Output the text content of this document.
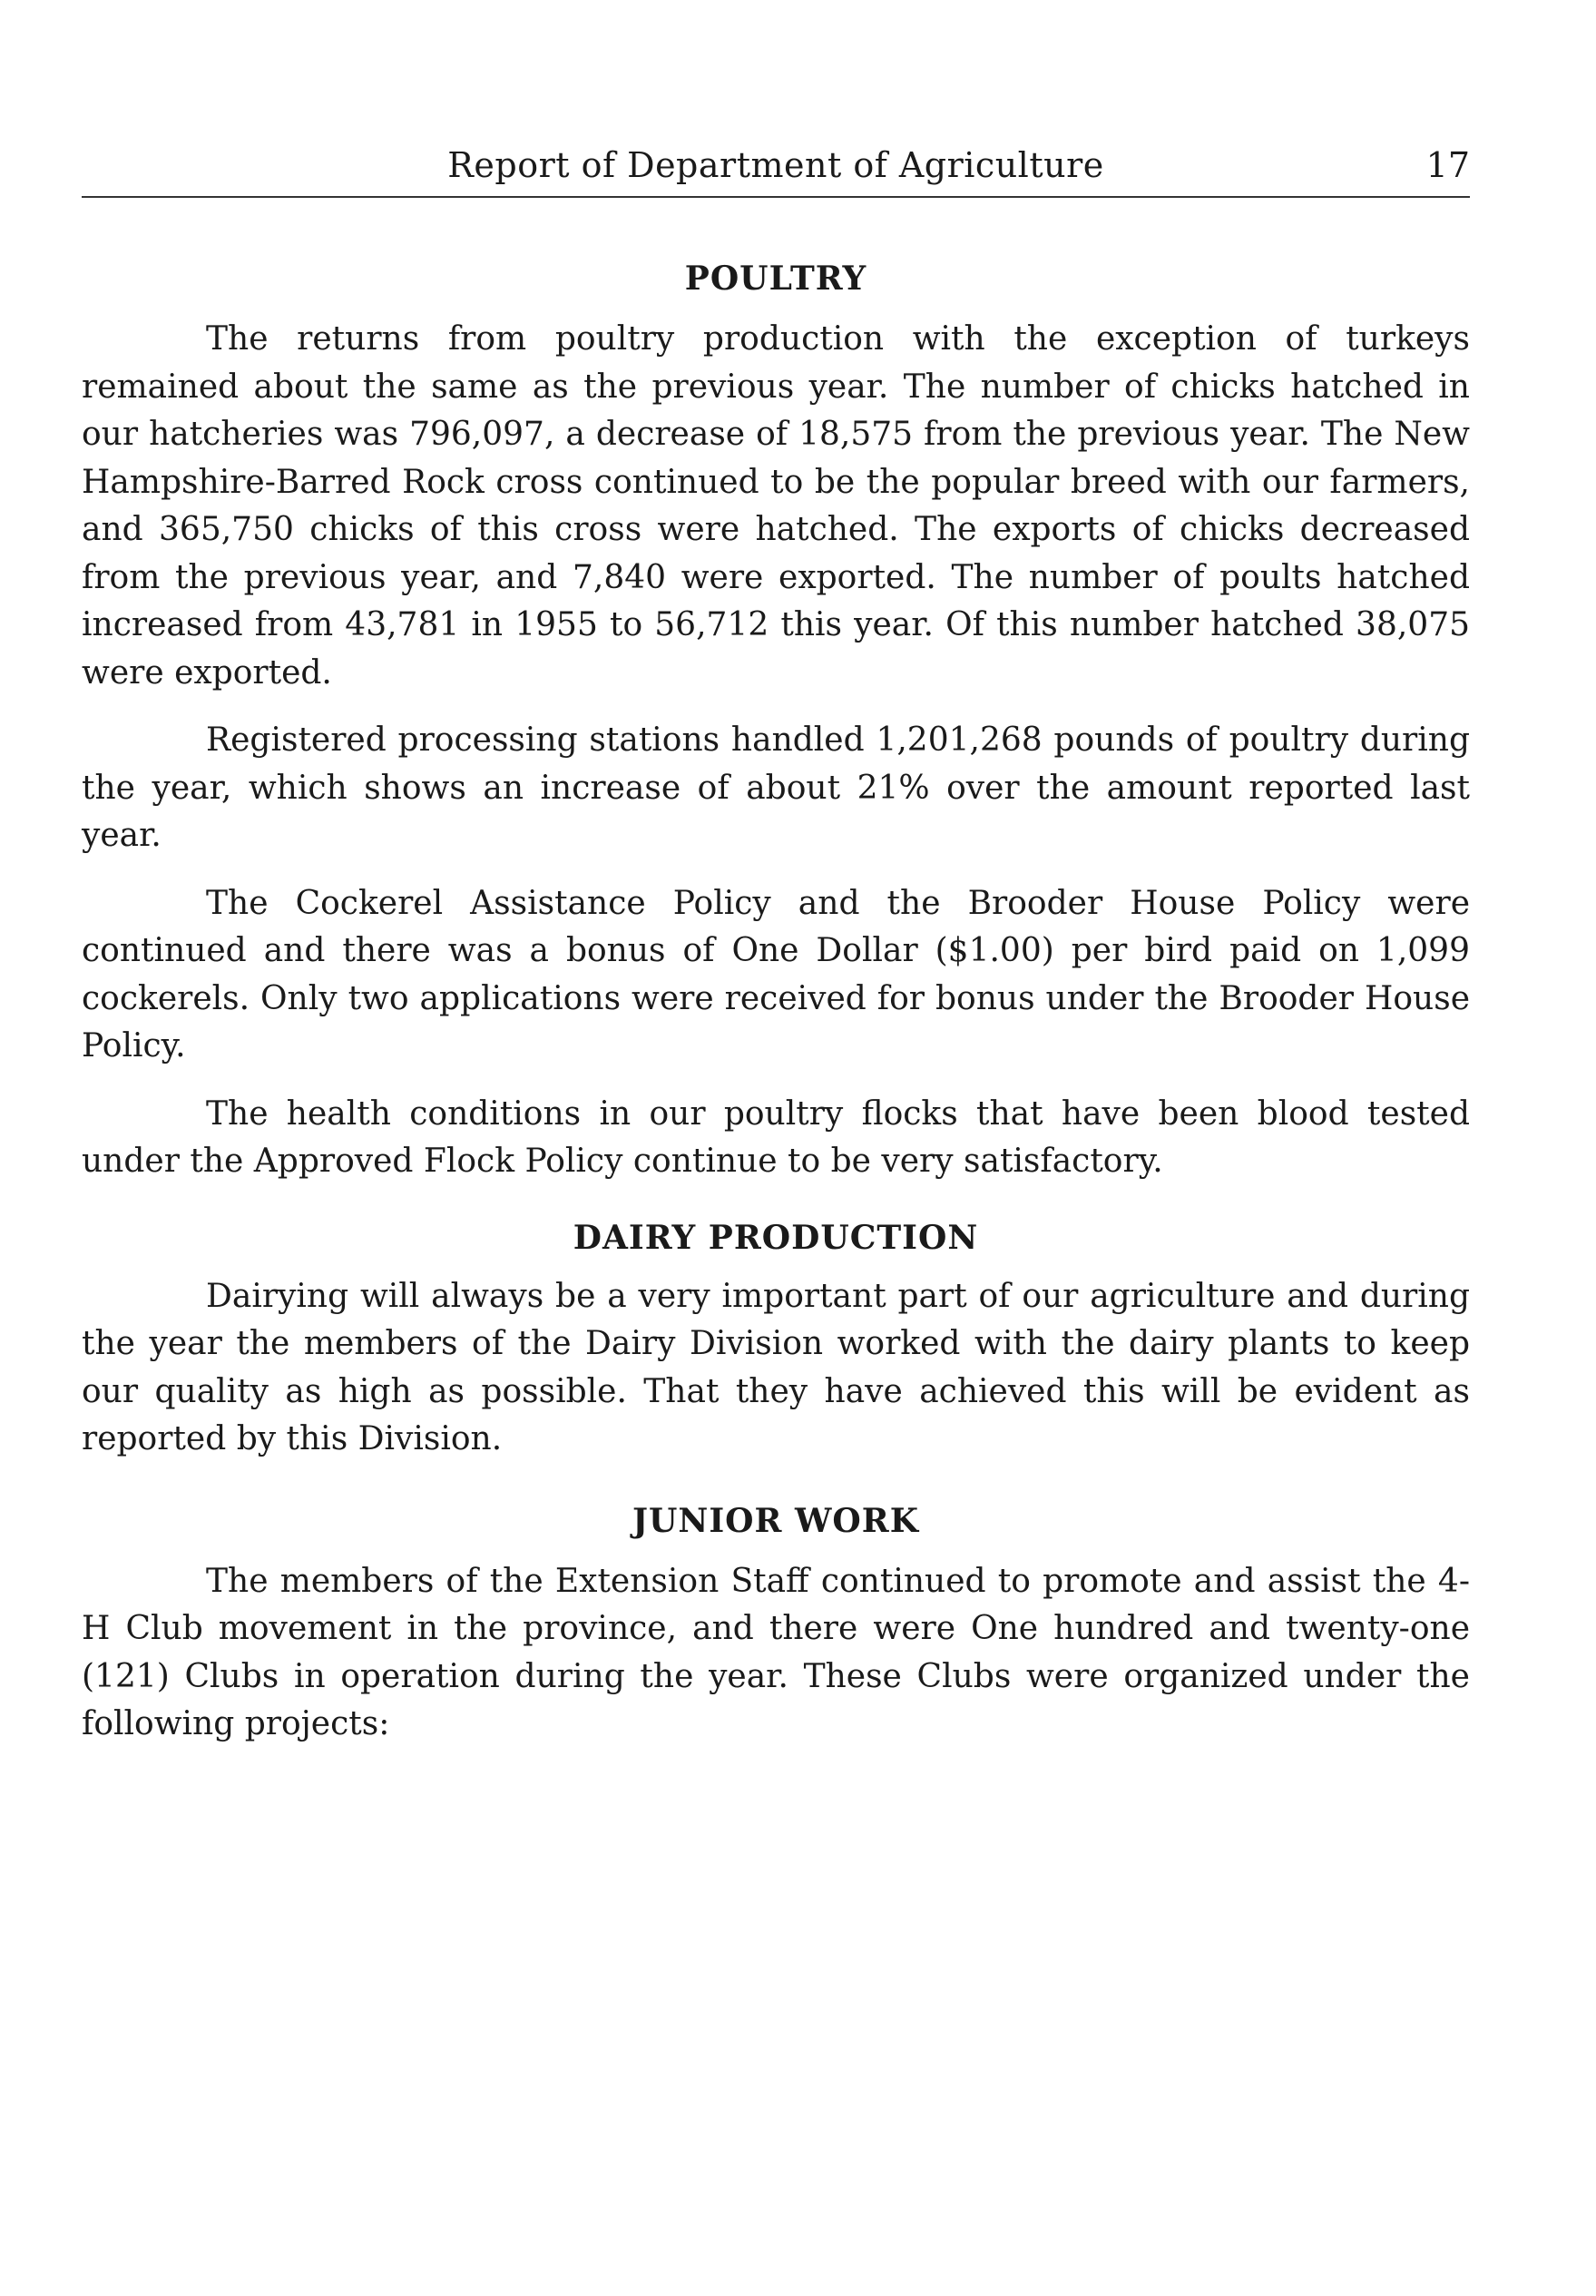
Report of Department of Agriculture	17
POULTRY

The returns from poultry production with the exception of turkeys remained about the same as the previous year. The number of chicks hatched in our hatcheries was 796,097, a decrease of 18,575 from the previous year. The New Hampshire-Barred Rock cross continued to be the popular breed with our farmers, and 365,750 chicks of this cross were hatched. The exports of chicks decreased from the previous year, and 7,840 were exported. The number of poults hatched increased from 43,781 in 1955 to 56,712 this year. Of this number hatched 38,075 were exported.

Registered processing stations handled 1,201,268 pounds of poultry during the year, which shows an increase of about 21% over the amount reported last year.

The Cockerel Assistance Policy and the Brooder House Policy were continued and there was a bonus of One Dollar ($1.00) per bird paid on 1,099 cockerels. Only two applications were received for bonus under the Brooder House Policy.

The health conditions in our poultry flocks that have been blood tested under the Approved Flock Policy continue to be very satisfactory.

DAIRY PRODUCTION

Dairying will always be a very important part of our agriculture and during the year the members of the Dairy Division worked with the dairy plants to keep our quality as high as possible. That they have achieved this will be evident as reported by this Division.

JUNIOR WORK

The members of the Extension Staff continued to promote and assist the 4-H Club movement in the province, and there were One hundred and twenty-one (121) Clubs in operation during the year. These Clubs were organized under the following projects:
